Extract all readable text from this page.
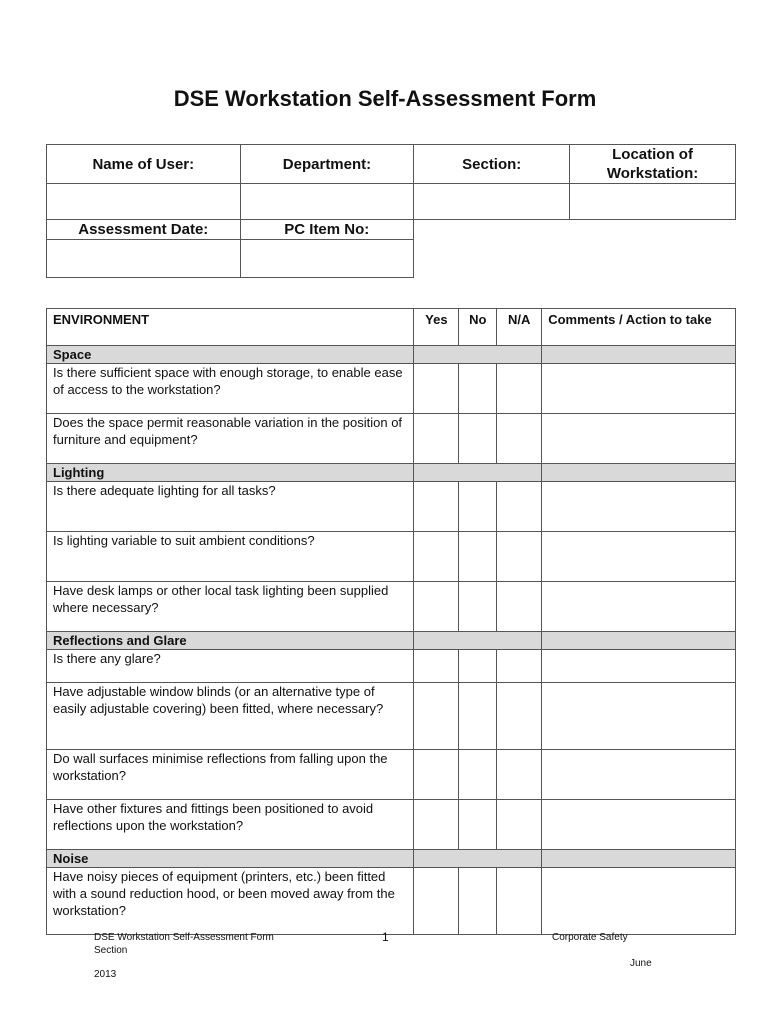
DSE Workstation Self-Assessment Form
Name of User:	Department:	Section:	Location of Workstation:

Assessment Date:	PC Item No:

ENVIRONMENT	Yes	No	N/A	Comments / Action to take
Space				
Is there sufficient space with enough storage, to enable ease of access to the workstation?				
Does the space permit reasonable variation in the position of furniture and equipment?				
Lighting				
Is there adequate lighting for all tasks?				
Is lighting variable to suit ambient conditions?				
Have desk lamps or other local task lighting been supplied where necessary?				
Reflections and Glare				
Is there any glare?				
Have adjustable window blinds (or an alternative type of easily adjustable covering) been fitted, where necessary?				
Do wall surfaces minimise reflections from falling upon the workstation?				
Have other fixtures and fittings been positioned to avoid reflections upon the workstation?				
Noise				
Have noisy pieces of equipment (printers, etc.) been fitted with a sound reduction hood, or been moved away from the workstation?				

DSE Workstation Self-Assessment Form	1	Corporate Safety

Section

June

2013
